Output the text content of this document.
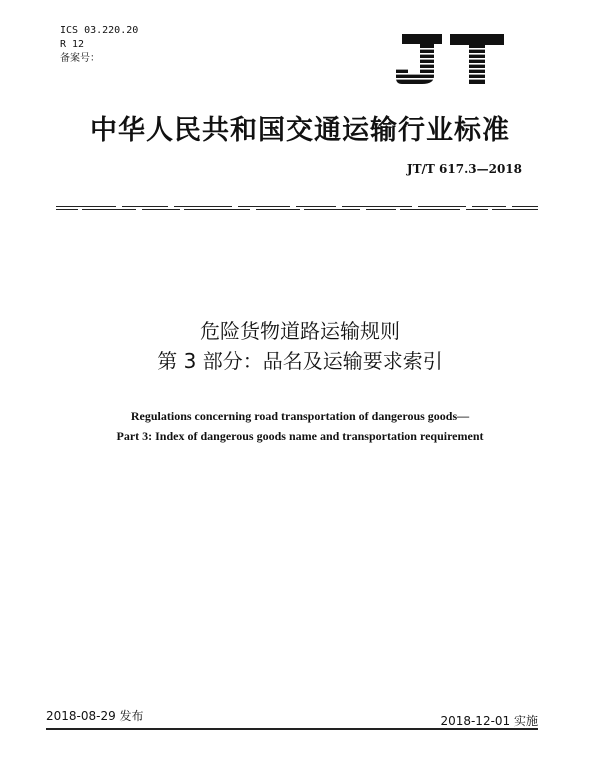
ICS 03.220.20
R 12
备案号：
中华人民共和国交通运输行业标准
JT/T 617.3—2018
危险货物道路运输规则
第 3 部分：品名及运输要求索引
Regulations concerning road transportation of dangerous goods—
Part 3: Index of dangerous goods name and transportation requirement
2018-08-29 发布	2018-12-01 实施
